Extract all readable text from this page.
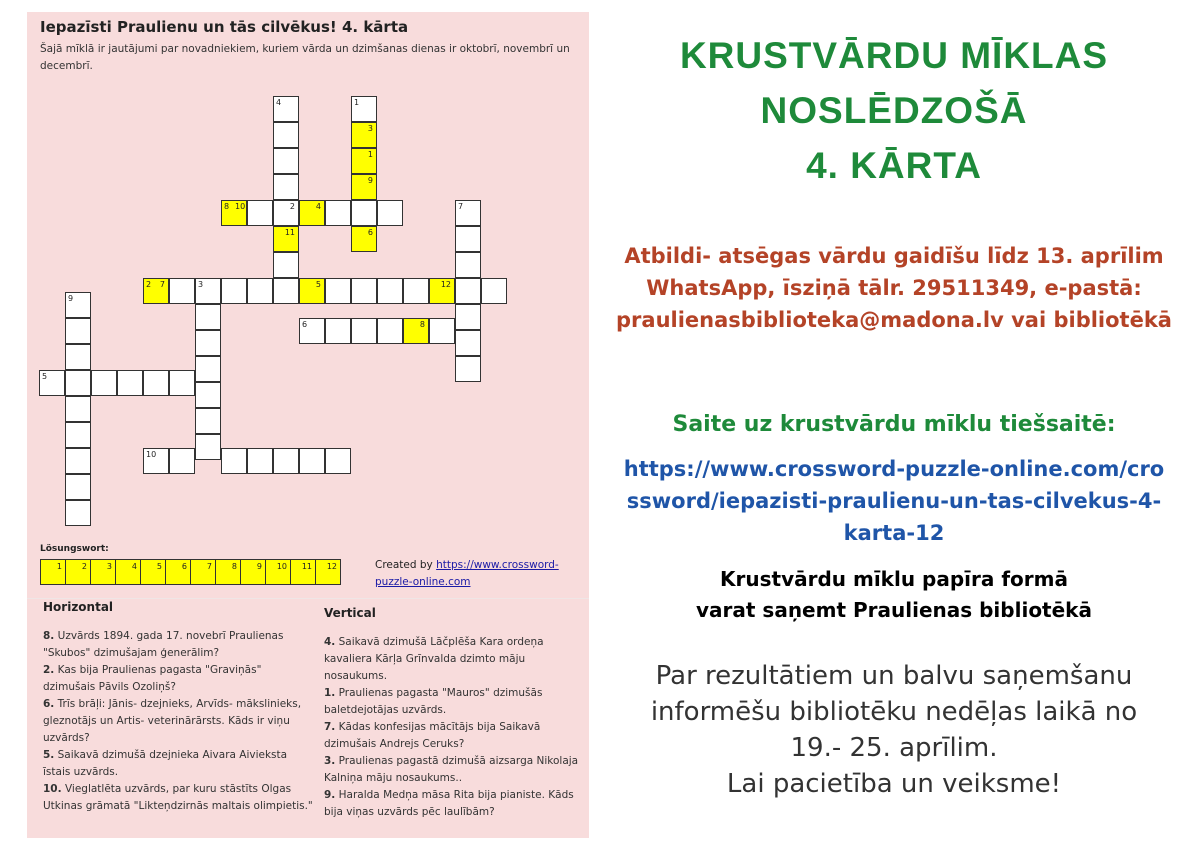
Iepazīsti Praulienu un tās cilvēkus! 4. kārta
Šajā mīklā ir jautājumi par novadniekiem, kuriem vārda un dzimšanas dienas ir oktobrī, novembrī un decembrī.
4	1
3
1
9
8 10	2	4
11	6
7
2 7	3	5	12
9
6	8
5
10
Lösungswort:
1	2	3	4	5	6	7	8	9	10	11	12	Created by https://www.crossword-puzzle-online.com
Horizontal
8. Uzvārds 1894. gada 17. novebrī Praulienas "Skubos" dzimušajam ģenerālim?
2. Kas bija Praulienas pagasta "Graviņās" dzimušais Pāvils Ozoliņš?
6. Trīs brāļi: Jānis- dzejnieks, Arvīds- mākslinieks, gleznotājs un Artis- veterinārārsts. Kāds ir viņu uzvārds?
5. Saikavā dzimušā dzejnieka Aivara Aivieksta īstais uzvārds.
10. Vieglatlēta uzvārds, par kuru stāstīts Olgas Utkinas grāmatā "Likteņdzirnās maltais olimpietis."
Vertical
4. Saikavā dzimušā Lāčplēša Kara ordeņa kavaliera Kārļa Grīnvalda dzimto māju nosaukums.
1. Praulienas pagasta "Mauros" dzimušās baletdejotājas uzvārds.
7. Kādas konfesijas mācītājs bija Saikavā dzimušais Andrejs Ceruks?
3. Praulienas pagastā dzimušā aizsarga Nikolaja Kalniņa māju nosaukums..
9. Haralda Medņa māsa Rita bija pianiste. Kāds bija viņas uzvārds pēc laulībām?
KRUSTVĀRDU MĪKLAS
NOSLĒDZOŠĀ
4. KĀRTA
Atbildi- atsēgas vārdu gaidīšu līdz 13. aprīlim WhatsApp, īsziņā tālr. 29511349, e-pastā: praulienasbiblioteka@madona.lv vai bibliotēkā
Saite uz krustvārdu mīklu tiešsaitē:
https://www.crossword-puzzle-online.com/crossword/iepazisti-praulienu-un-tas-cilvekus-4-karta-12
Krustvārdu mīklu papīra formā
varat saņemt Praulienas bibliotēkā
Par rezultātiem un balvu saņemšanu
informēšu bibliotēku nedēļas laikā no
19.- 25. aprīlim.
Lai pacietība un veiksme!
